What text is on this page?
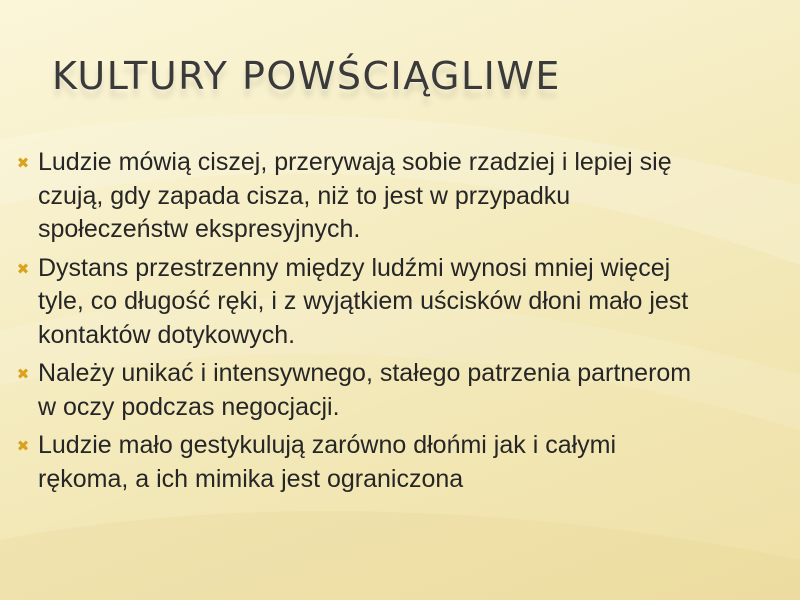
KULTURY POWŚCIĄGLIWE
✖ Ludzie mówią ciszej, przerywają sobie rzadziej i lepiej się czują, gdy zapada cisza, niż to jest w przypadku społeczeństw ekspresyjnych.
✖ Dystans przestrzenny między ludźmi wynosi mniej więcej tyle, co długość ręki, i z wyjątkiem uścisków dłoni mało jest kontaktów dotykowych.
✖ Należy unikać i intensywnego, stałego patrzenia partnerom w oczy podczas negocjacji.
✖ Ludzie mało gestykulują zarówno dłońmi jak i całymi rękoma, a ich mimika jest ograniczona
